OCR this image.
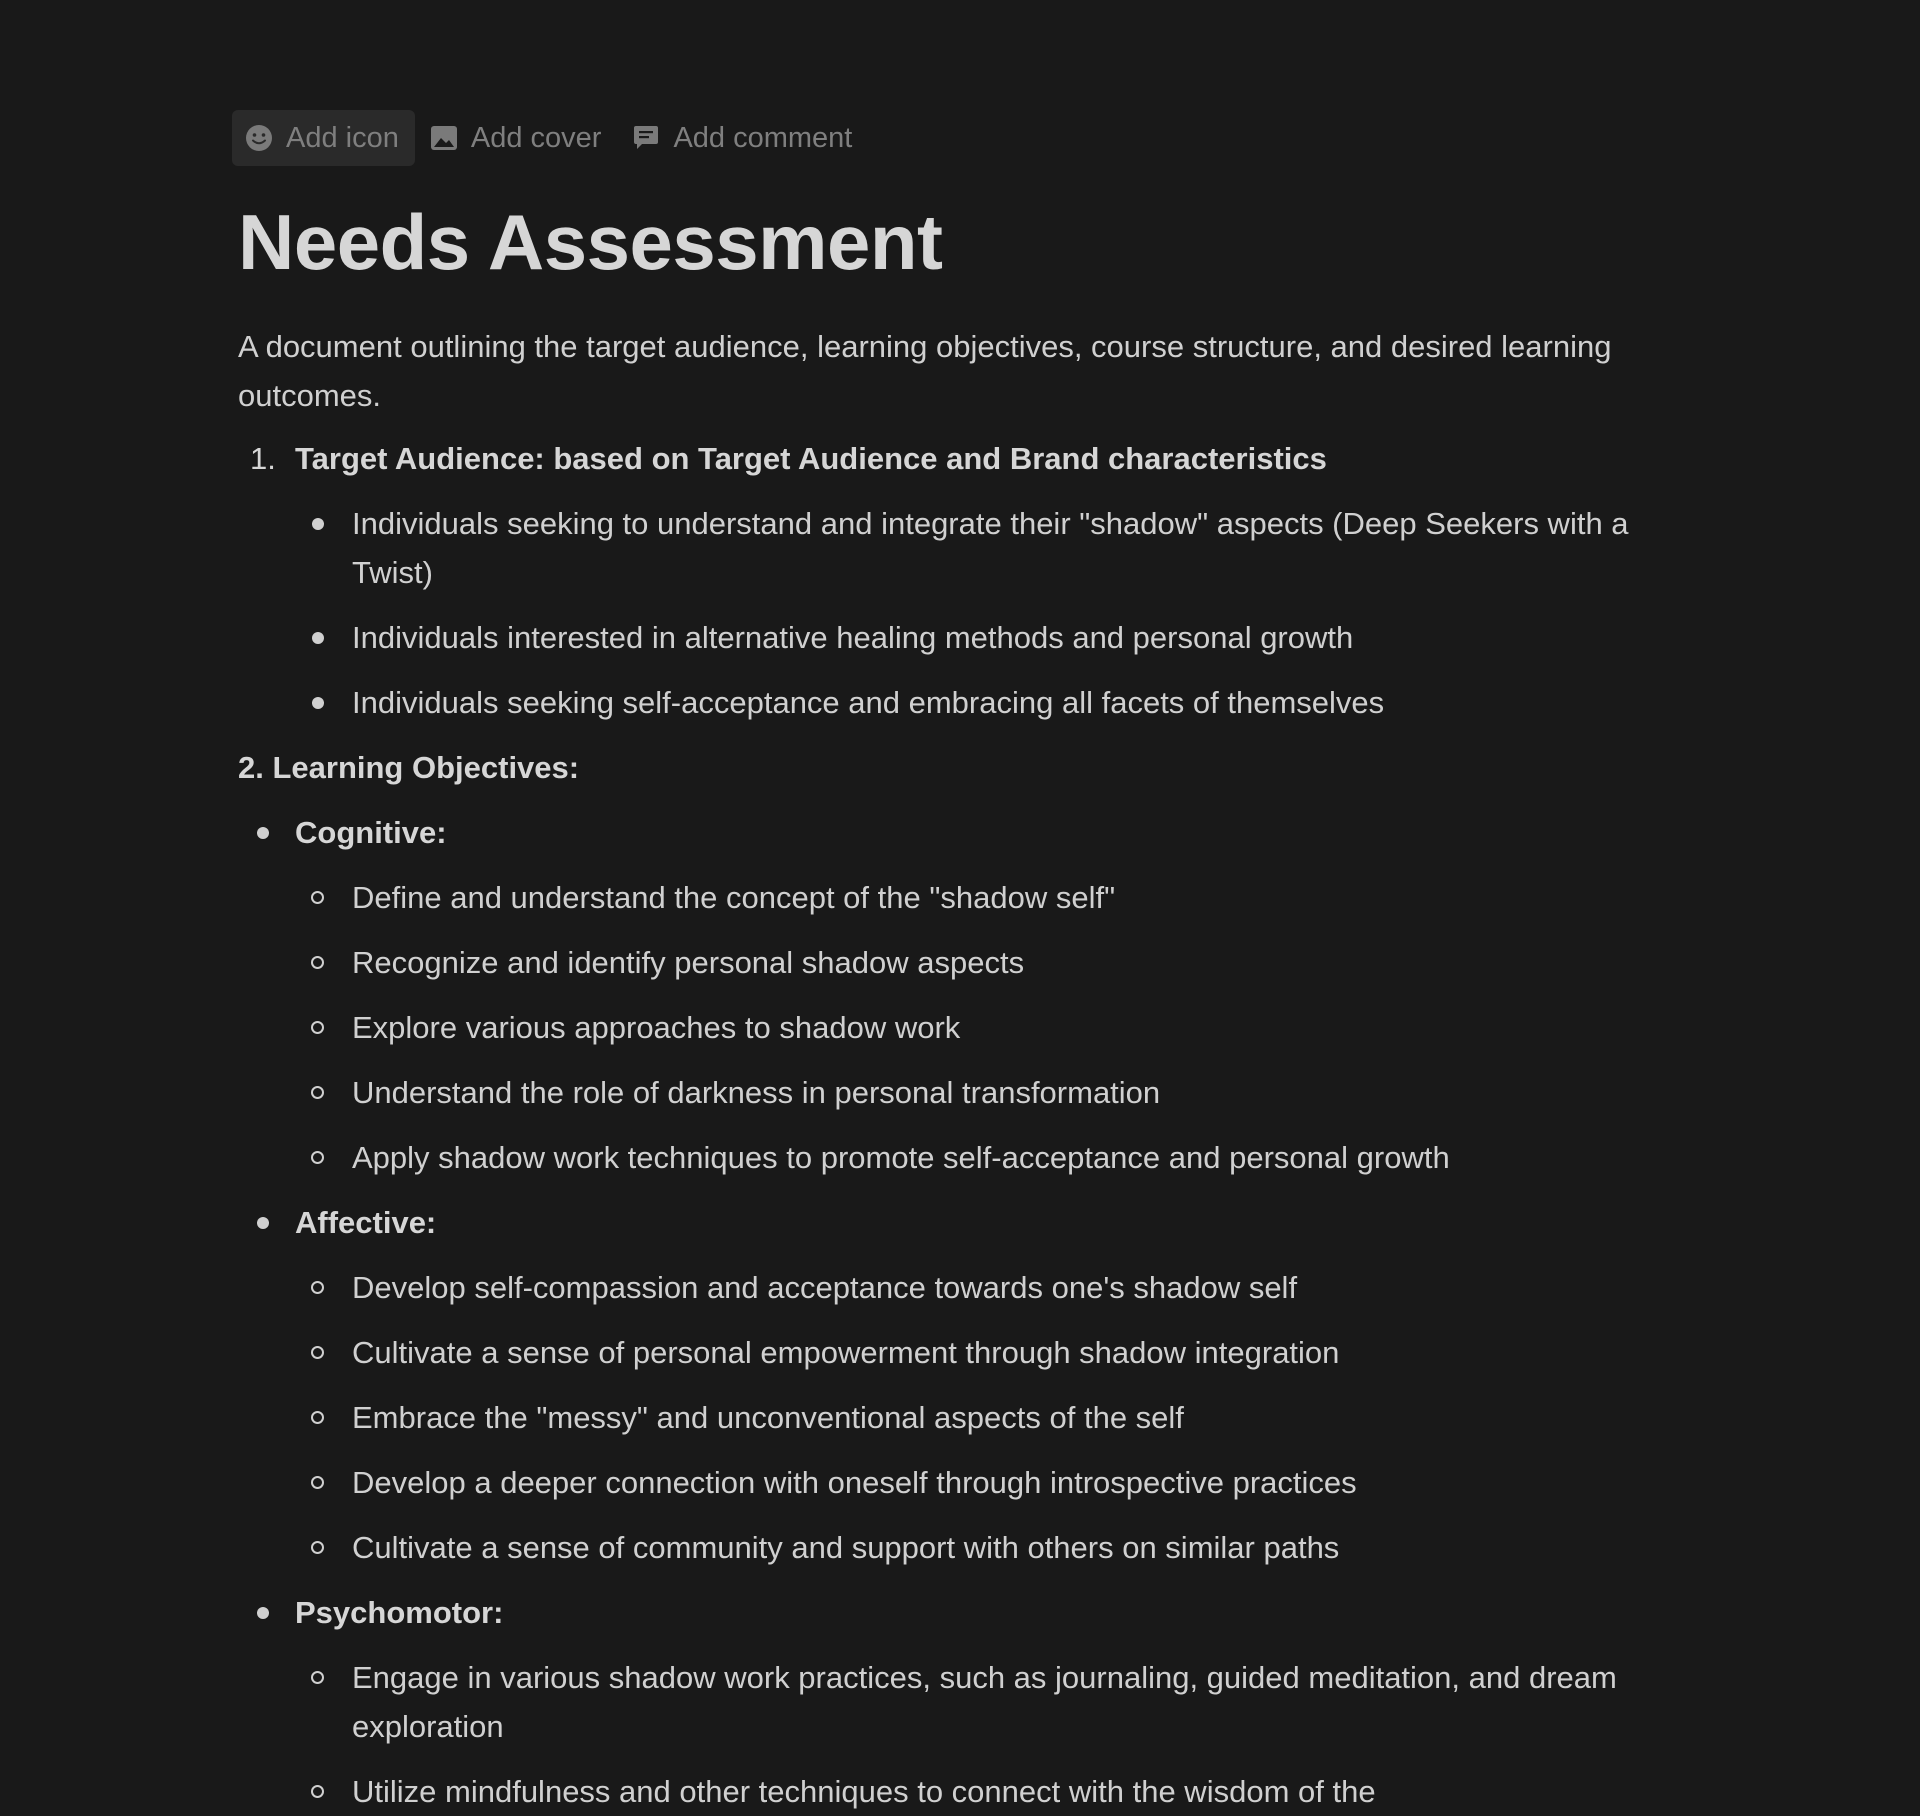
Add icon Add cover Add comment
Needs Assessment
A document outlining the target audience, learning objectives, course structure, and desired learning outcomes.
1. Target Audience: based on Target Audience and Brand characteristics
Individuals seeking to understand and integrate their "shadow" aspects (Deep Seekers with a Twist)
Individuals interested in alternative healing methods and personal growth
Individuals seeking self-acceptance and embracing all facets of themselves
2. Learning Objectives:
Cognitive:
Define and understand the concept of the "shadow self"
Recognize and identify personal shadow aspects
Explore various approaches to shadow work
Understand the role of darkness in personal transformation
Apply shadow work techniques to promote self-acceptance and personal growth
Affective:
Develop self-compassion and acceptance towards one's shadow self
Cultivate a sense of personal empowerment through shadow integration
Embrace the "messy" and unconventional aspects of the self
Develop a deeper connection with oneself through introspective practices
Cultivate a sense of community and support with others on similar paths
Psychomotor:
Engage in various shadow work practices, such as journaling, guided meditation, and dream exploration
Utilize mindfulness and other techniques to connect with the wisdom of the
